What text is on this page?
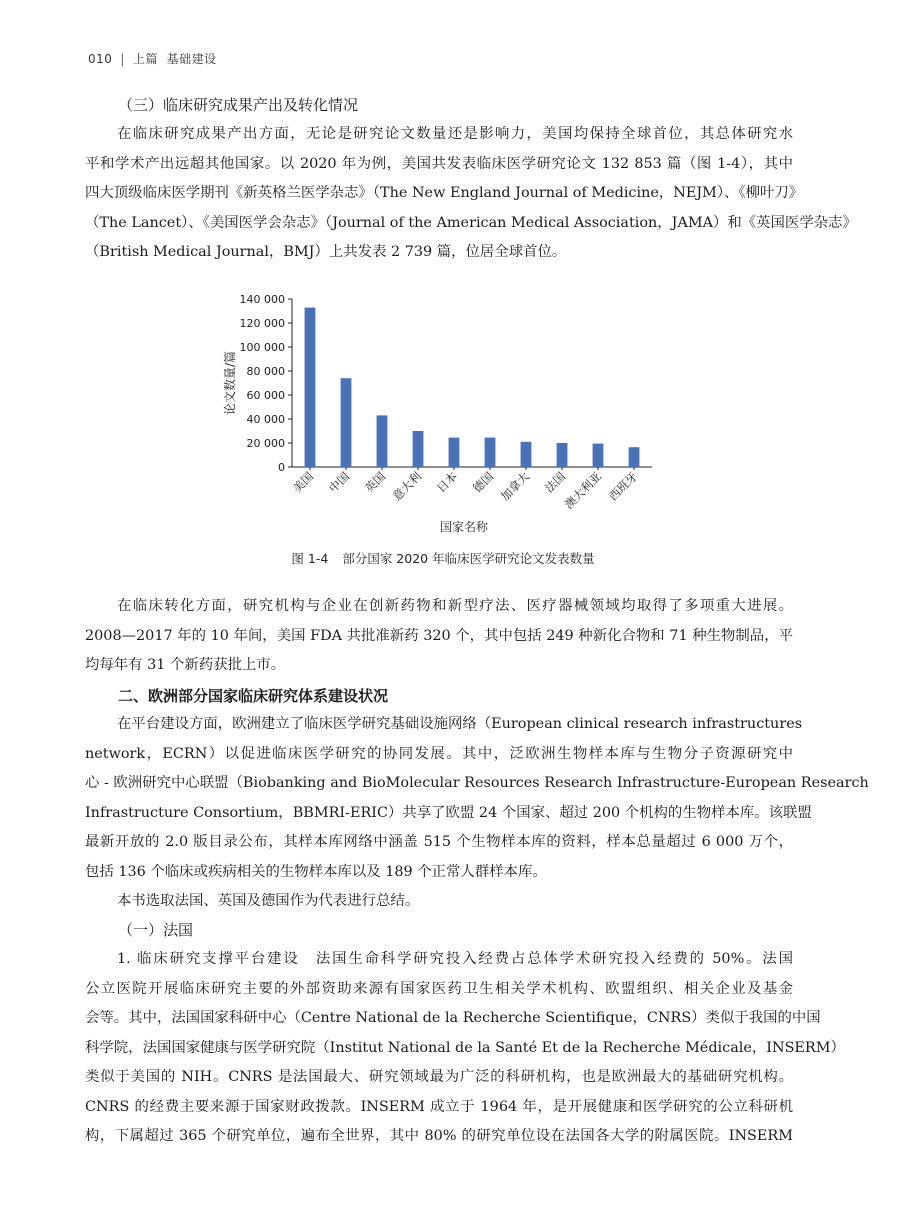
010 | 上篇 基础建设
（三）临床研究成果产出及转化情况
在临床研究成果产出方面，无论是研究论文数量还是影响力，美国均保持全球首位，其总体研究水
平和学术产出远超其他国家。以 2020 年为例，美国共发表临床医学研究论文 132 853 篇（图 1-4），其中
四大顶级临床医学期刊《新英格兰医学杂志》（The New England Journal of Medicine，NEJM）、《柳叶刀》
（The Lancet）、《美国医学会杂志》（Journal of the American Medical Association，JAMA）和《英国医学杂志》
（British Medical Journal，BMJ）上共发表 2 739 篇，位居全球首位。
0
20 000
40 000
60 000
80 000
100 000
120 000
140 000
美国 中国 英国 意大利 日本 德国 加拿大 法国
澳大利亚 西班牙
论文数量/篇
国家名称
图 1-4 部分国家 2020 年临床医学研究论文发表数量
在临床转化方面，研究机构与企业在创新药物和新型疗法、医疗器械领域均取得了多项重大进展。
2008—2017 年的 10 年间，美国 FDA 共批准新药 320 个，其中包括 249 种新化合物和 71 种生物制品，平
均每年有 31 个新药获批上市。
二、欧洲部分国家临床研究体系建设状况
在平台建设方面，欧洲建立了临床医学研究基础设施网络（European clinical research infrastructures
network，ECRN）以促进临床医学研究的协同发展。其中，泛欧洲生物样本库与生物分子资源研究中
心 - 欧洲研究中心联盟（Biobanking and BioMolecular Resources Research Infrastructure-European Research
Infrastructure Consortium，BBMRI-ERIC）共享了欧盟 24 个国家、超过 200 个机构的生物样本库。该联盟
最新开放的 2.0 版目录公布，其样本库网络中涵盖 515 个生物样本库的资料，样本总量超过 6 000 万个，
包括 136 个临床或疾病相关的生物样本库以及 189 个正常人群样本库。
本书选取法国、英国及德国作为代表进行总结。
（一）法国
1. 临床研究支撑平台建设　法国生命科学研究投入经费占总体学术研究投入经费的 50%。法国
公立医院开展临床研究主要的外部资助来源有国家医药卫生相关学术机构、欧盟组织、相关企业及基金
会等。其中，法国国家科研中心（Centre National de la Recherche Scientifique，CNRS）类似于我国的中国
科学院，法国国家健康与医学研究院（Institut National de la Santé Et de la Recherche Médicale，INSERM）
类似于美国的 NIH。CNRS 是法国最大、研究领域最为广泛的科研机构，也是欧洲最大的基础研究机构。
CNRS 的经费主要来源于国家财政拨款。INSERM 成立于 1964 年，是开展健康和医学研究的公立科研机
构，下属超过 365 个研究单位，遍布全世界，其中 80% 的研究单位设在法国各大学的附属医院。INSERM
